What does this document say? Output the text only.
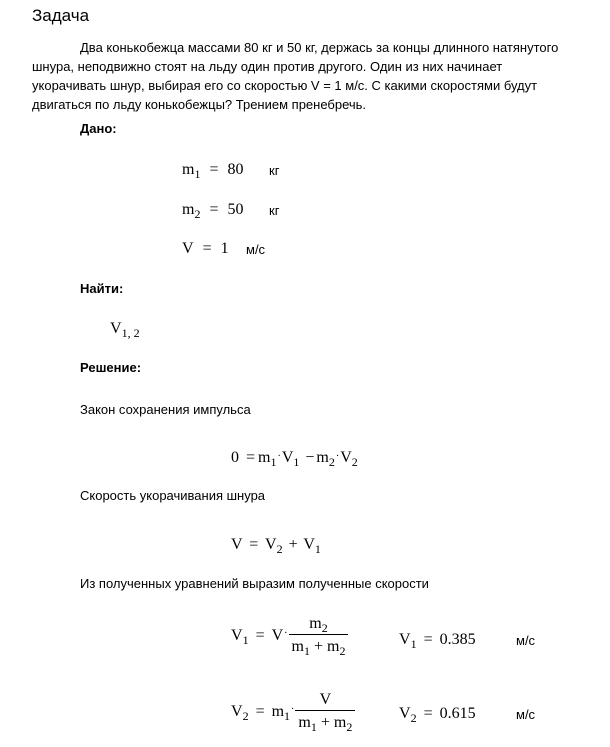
Задача
Два конькобежца массами 80 кг и 50 кг, держась за концы длинного натянутого
шнура, неподвижно стоят на льду один против другого. Один из них начинает
укорачивать шнур, выбирая его со скоростью V = 1 м/с. С какими скоростями будут
двигаться по льду конькобежцы? Трением пренебречь.
Дано:
$m_1 = 80$ кг
$m_2 = 50$ кг
V = 1 м/с
Найти:
$V_{1, 2}$
Решение:
Закон сохранения импульса
$0 = m_1\cdot V_1 - m_2\cdot V_2$
Скорость укорачивания шнура
$V = V_2 + V_1$
Из полученных уравнений выразим полученные скорости
$V_1 = V\cdot \frac{m_2}{m_1 + m_2}$	$V_1 = 0.385$	м/с
$V_2 = m_1\cdot \frac{V}{m_1 + m_2}$	$V_2 = 0.615$	м/с
